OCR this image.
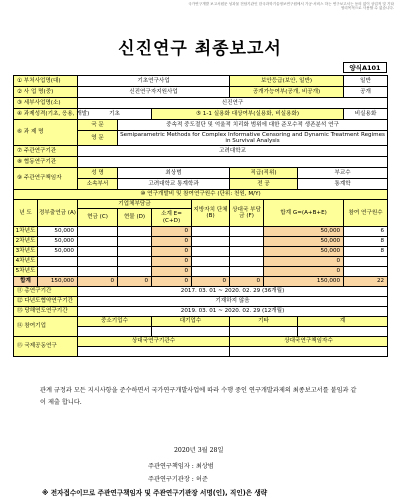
국가연구개발 보고서원문 성과물 전담기관인 한국과학기술정보연구원에서 가공·서비스 하는 연구보고서는 동의 없이 상업적 및 기타
영리목적으로 사용할 수 없습니다.
신진연구 최종보고서
양식A101
① 부처사업명(대)		기초연구사업				보안등급(보안, 일반)			일반
② 사 업 명(중)		신진연구자지원사업				공개가능여부(공개, 비공개)			공개
③ 세부사업명(소)		신진연구							
④ 과제성격(기초, 응용, 개발)		기초		⑤ 1-1 실용화 대상여부(실용화, 비실용화)					비실용화
⑥ 과 제 명		국 문	중속적 중도절단 및 억울적 치리화 범위에 대한 준모수적 생존분석 연구						
		영 문	Semiparametric Methods for Complex Informative Censoring and Dynamic Treatment Regimes in Survival Analysis						
⑦ 주관연구기관		고려대학교							
⑧ 협동연구기관									
⑨ 주관연구책임자		성 명	최상범			직급(직위)		부교수	
		소속부서	고려대학교 통계학과			전 공		통계학	
⑩ 연구개발비 및 참여연구원수 (단위: 천원, M/Y)									
년 도	정부출연금 (A)	기업체부담금			지방자치 단체 (B)	상대국 부담금 (F)	합계 G=(A+B+E)		참여 연구원수
		현금 (C)	현물 (D)	소계 E=(C+D)					
1차년도	50,000			0			50,000		6
2차년도	50,000			0			50,000		8
3차년도	50,000			0			50,000		8
4차년도				0			0		
5차년도				0			0		
합계	150,000	0	0	0	0	0	150,000		22
⑪ 총연구기간		2017. 03. 01 ~ 2020. 02. 29 (36개월)							
⑫ 다년도협약연구기간		기재하지 않음							
⑬ 당해연도연구기간		2019. 03. 01 ~ 2020. 02. 29 (12개월)							
⑭ 참여기업		중소기업수		대기업수		기타		계	

⑮ 국제공동연구		상대국연구기관수				상대국연구책임자수			

관계 규정과 모든 지시사항을 준수하면서 국가연구개발사업에 따라 수행 중인 연구개발과제의 최종보고서를 붙임과 같이 제출 합니다.
2020년 3월 28일
주관연구책임자 : 최상범
주관연구기관장 : 허준
※ 전자접수이므로 주관연구책임자 및 주관연구기관장 서명(인), 직인)은 생략
